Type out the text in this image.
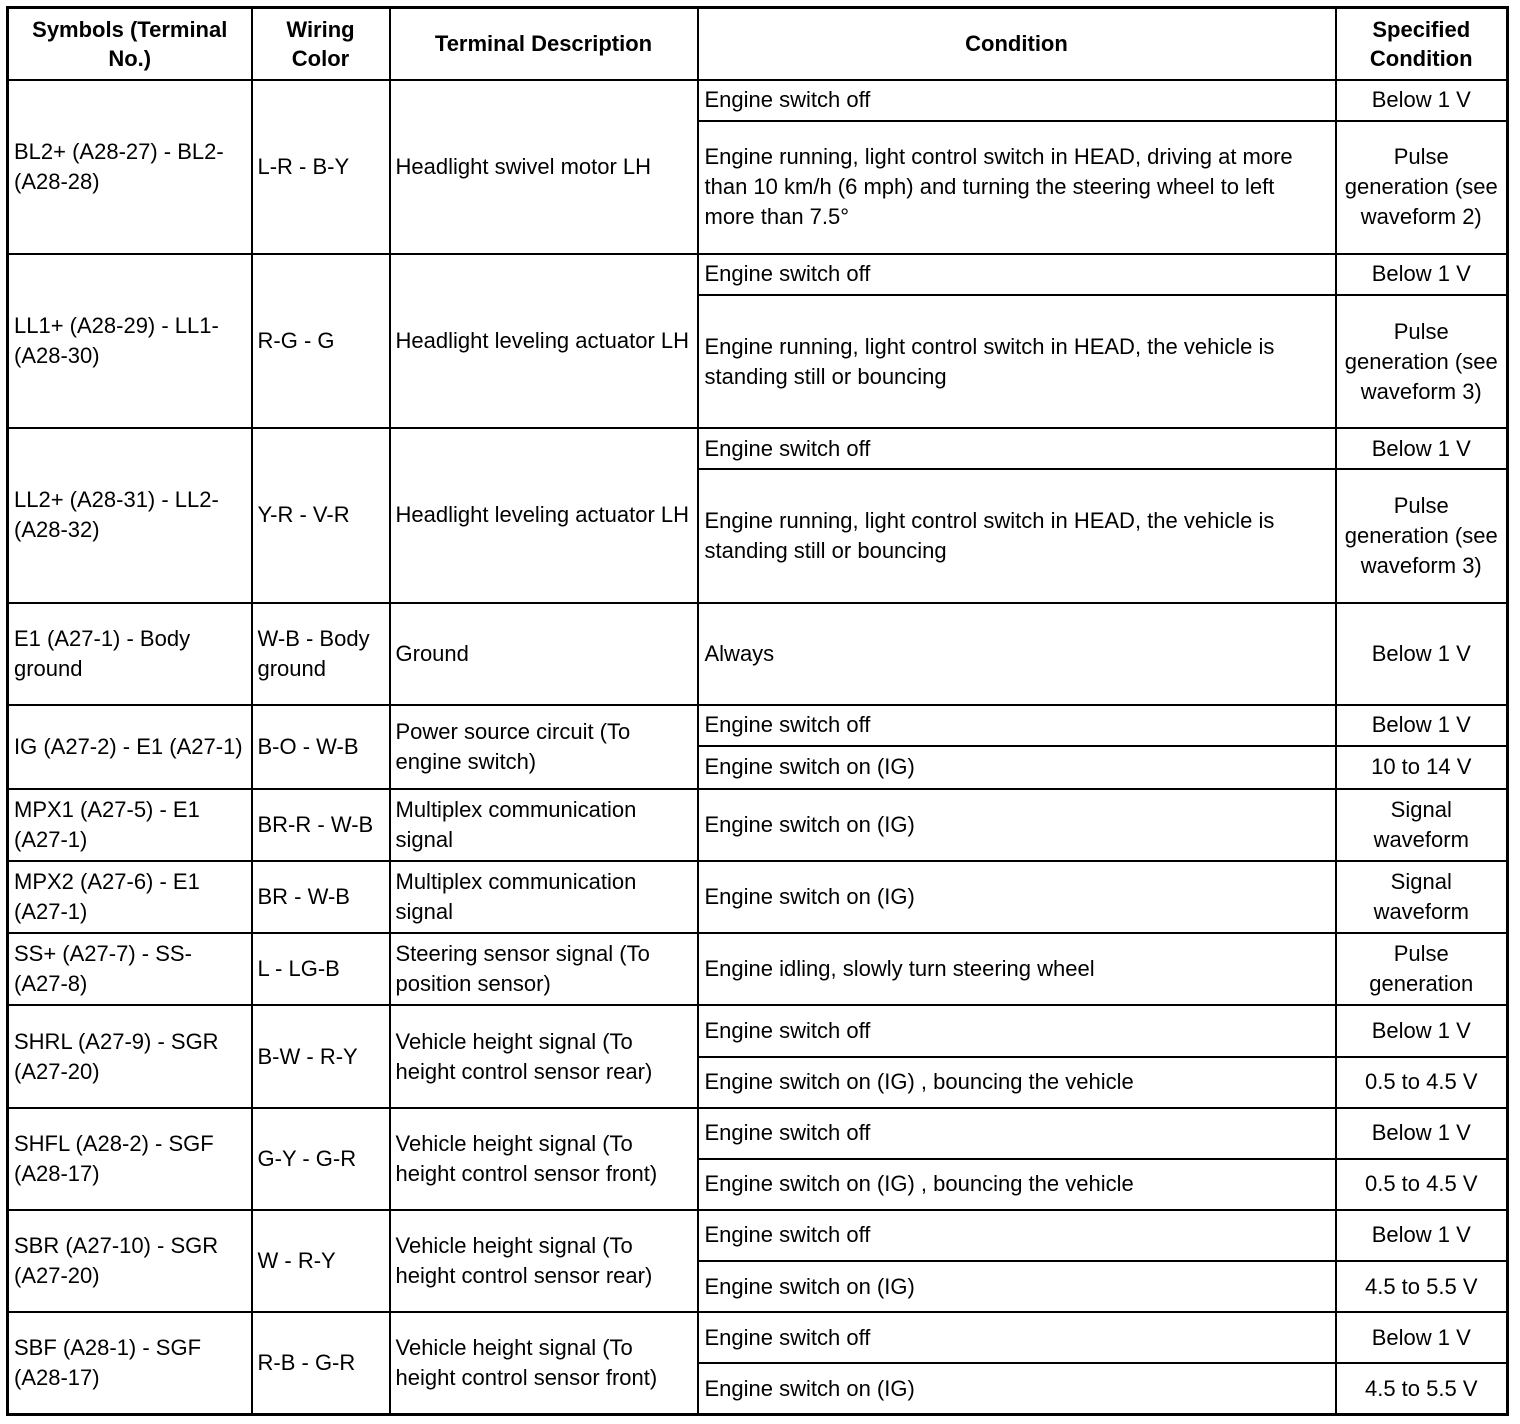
Symbols (Terminal No.)	Wiring Color	Terminal Description	Condition	Specified Condition
BL2+ (A28-27) - BL2-(A28-28)	L-R - B-Y	Headlight swivel motor LH	Engine switch off	Below 1 V
			Engine running, light control switch in HEAD, driving at more than 10 km/h (6 mph) and turning the steering wheel to left more than 7.5°	Pulse generation (see waveform 2)
LL1+ (A28-29) - LL1-(A28-30)	R-G - G	Headlight leveling actuator LH	Engine switch off	Below 1 V
			Engine running, light control switch in HEAD, the vehicle is standing still or bouncing	Pulse generation (see waveform 3)
LL2+ (A28-31) - LL2-(A28-32)	Y-R - V-R	Headlight leveling actuator LH	Engine switch off	Below 1 V
			Engine running, light control switch in HEAD, the vehicle is standing still or bouncing	Pulse generation (see waveform 3)
E1 (A27-1) - Body ground	W-B - Body ground	Ground	Always	Below 1 V
IG (A27-2) - E1 (A27-1)	B-O - W-B	Power source circuit (To engine switch)	Engine switch off	Below 1 V
			Engine switch on (IG)	10 to 14 V
MPX1 (A27-5) - E1 (A27-1)	BR-R - W-B	Multiplex communication signal	Engine switch on (IG)	Signal waveform
MPX2 (A27-6) - E1 (A27-1)	BR - W-B	Multiplex communication signal	Engine switch on (IG)	Signal waveform
SS+ (A27-7) - SS-(A27-8)	L - LG-B	Steering sensor signal (To position sensor)	Engine idling, slowly turn steering wheel	Pulse generation
SHRL (A27-9) - SGR (A27-20)	B-W - R-Y	Vehicle height signal (To height control sensor rear)	Engine switch off	Below 1 V
			Engine switch on (IG) , bouncing the vehicle	0.5 to 4.5 V
SHFL (A28-2) - SGF (A28-17)	G-Y - G-R	Vehicle height signal (To height control sensor front)	Engine switch off	Below 1 V
			Engine switch on (IG) , bouncing the vehicle	0.5 to 4.5 V
SBR (A27-10) - SGR (A27-20)	W - R-Y	Vehicle height signal (To height control sensor rear)	Engine switch off	Below 1 V
			Engine switch on (IG)	4.5 to 5.5 V
SBF (A28-1) - SGF (A28-17)	R-B - G-R	Vehicle height signal (To height control sensor front)	Engine switch off	Below 1 V
			Engine switch on (IG)	4.5 to 5.5 V
